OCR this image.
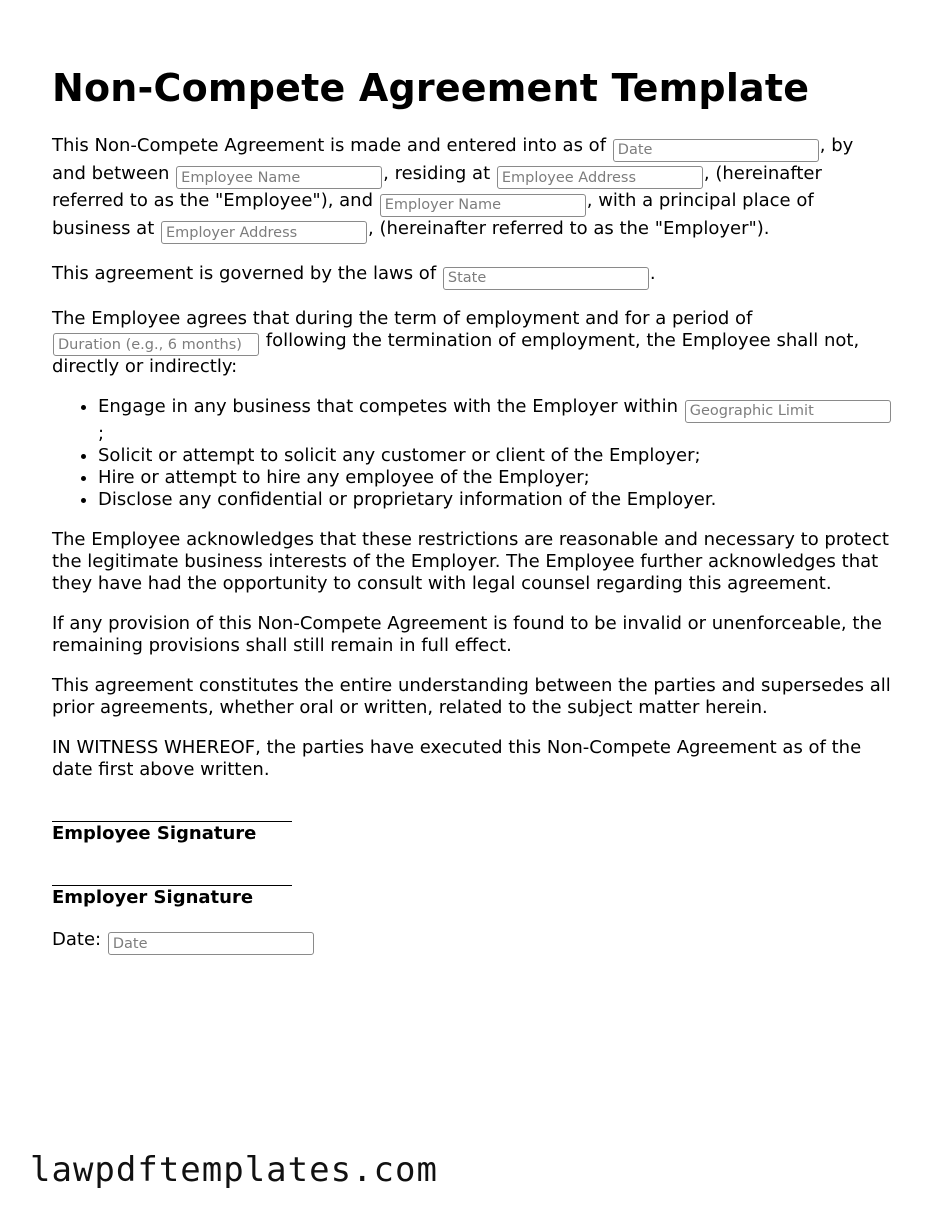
Non-Compete Agreement Template

This Non-Compete Agreement is made and entered into as of Date	, by and between Employee Name	, residing at Employee Address	, (hereinafter referred to as the "Employee"), and Employer Name	, with a principal place of business at Employer Address	, (hereinafter referred to as the "Employer").

This agreement is governed by the laws of State	.

The Employee agrees that during the term of employment and for a period of Duration (e.g., 6 months) following the termination of employment, the Employee shall not, directly or indirectly:

• Engage in any business that competes with the Employer within Geographic Limit;
• Solicit or attempt to solicit any customer or client of the Employer;
• Hire or attempt to hire any employee of the Employer;
• Disclose any confidential or proprietary information of the Employer.

The Employee acknowledges that these restrictions are reasonable and necessary to protect the legitimate business interests of the Employer. The Employee further acknowledges that they have had the opportunity to consult with legal counsel regarding this agreement.

If any provision of this Non-Compete Agreement is found to be invalid or unenforceable, the remaining provisions shall still remain in full effect.

This agreement constitutes the entire understanding between the parties and supersedes all prior agreements, whether oral or written, related to the subject matter herein.

IN WITNESS WHEREOF, the parties have executed this Non-Compete Agreement as of the date first above written.

Employee Signature
Employer Signature
Date: Date
lawpdftemplates.com
